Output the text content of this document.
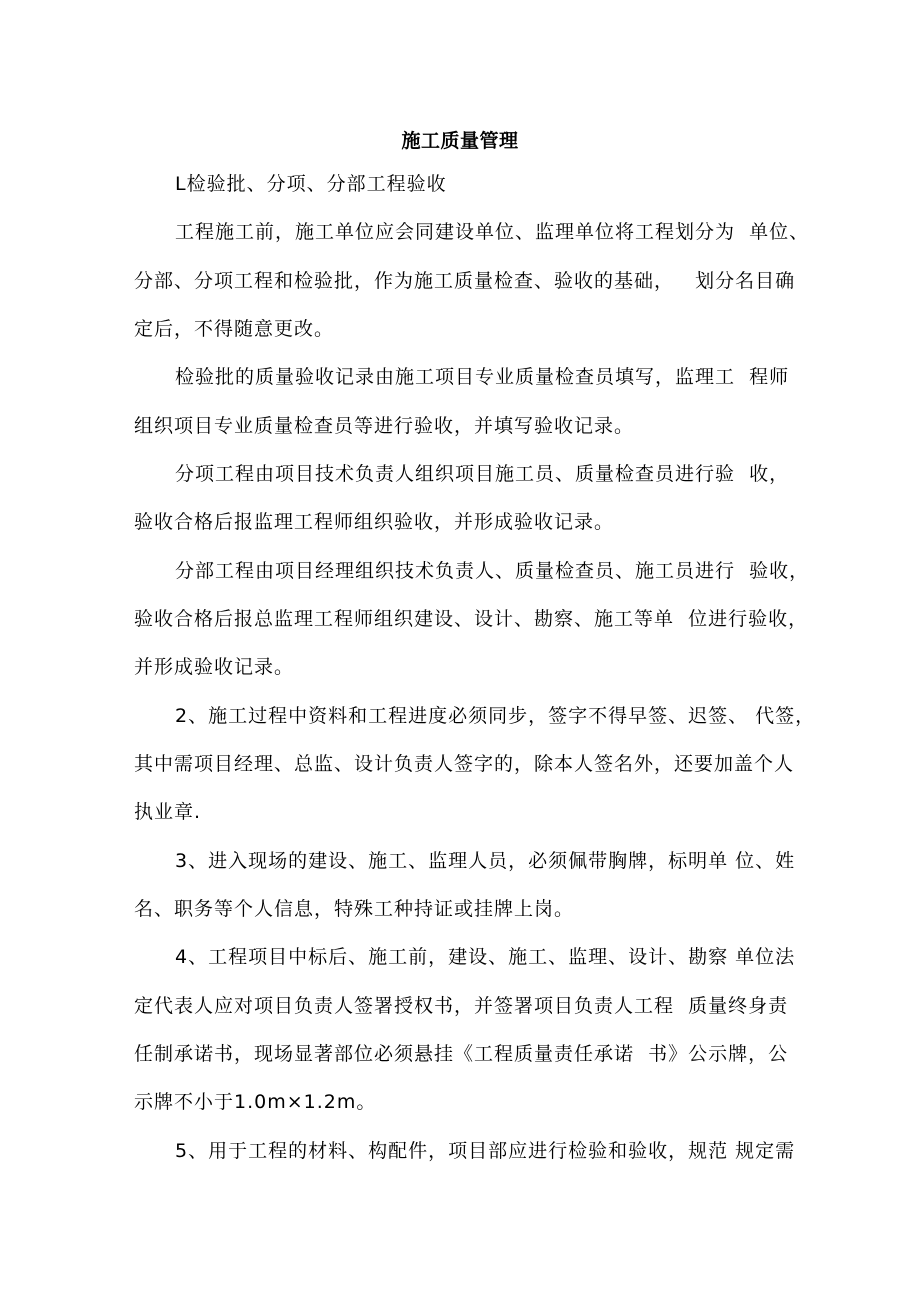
施工质量管理
L检验批、分项、分部工程验收
工程施工前，施工单位应会同建设单位、监理单位将工程划分为  单位、
分部、分项工程和检验批，作为施工质量检查、验收的基础，   划分名目确
定后，不得随意更改。
检验批的质量验收记录由施工项目专业质量检查员填写，监理工  程师
组织项目专业质量检查员等进行验收，并填写验收记录。
分项工程由项目技术负责人组织项目施工员、质量检查员进行验  收，
验收合格后报监理工程师组织验收，并形成验收记录。
分部工程由项目经理组织技术负责人、质量检查员、施工员进行  验收，
验收合格后报总监理工程师组织建设、设计、勘察、施工等单  位进行验收，
并形成验收记录。
2、施工过程中资料和工程进度必须同步，签字不得早签、迟签、 代签，
其中需项目经理、总监、设计负责人签字的，除本人签名外，还要加盖个人
执业章.
3、进入现场的建设、施工、监理人员，必须佩带胸牌，标明单 位、姓
名、职务等个人信息，特殊工种持证或挂牌上岗。
4、工程项目中标后、施工前，建设、施工、监理、设计、勘察 单位法
定代表人应对项目负责人签署授权书，并签署项目负责人工程  质量终身责
任制承诺书，现场显著部位必须悬挂《工程质量责任承诺  书》公示牌，公
示牌不小于1.0m×1.2m。
5、用于工程的材料、构配件，项目部应进行检验和验收，规范 规定需
